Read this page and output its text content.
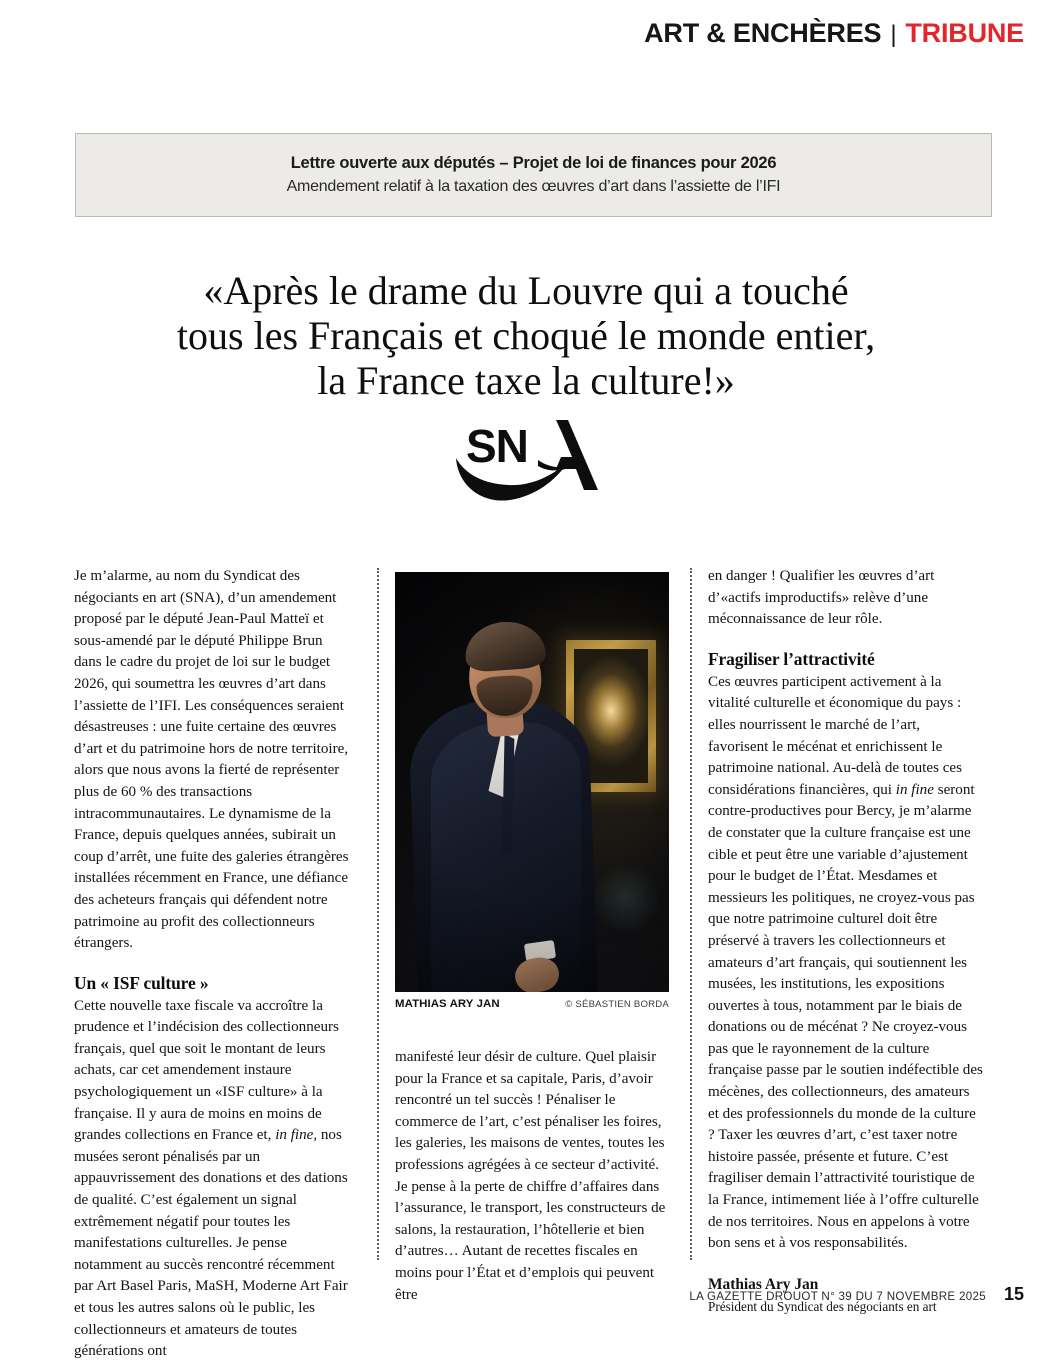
ART & ENCHÈRES | TRIBUNE
Lettre ouverte aux députés – Projet de loi de finances pour 2026
Amendement relatif à la taxation des œuvres d’art dans l’assiette de l’IFI
«Après le drame du Louvre qui a touché
tous les Français et choqué le monde entier,
la France taxe la culture!»
SN

Je m’alarme, au nom du Syndicat des négociants en art (SNA), d’un amendement proposé par le député Jean-Paul Matteï et sous-amendé par le député Philippe Brun dans le cadre du projet de loi sur le budget 2026, qui soumettra les œuvres d’art dans l’assiette de l’IFI. Les conséquences seraient désastreuses : une fuite certaine des œuvres d’art et du patrimoine hors de notre territoire, alors que nous avons la fierté de représenter plus de 60 % des transactions intracommunautaires. Le dynamisme de la France, depuis quelques années, subirait un coup d’arrêt, une fuite des galeries étrangères installées récemment en France, une défiance des acheteurs français qui défendent notre patrimoine au profit des collectionneurs étrangers.

Un « ISF culture »

Cette nouvelle taxe fiscale va accroître la prudence et l’indécision des collectionneurs français, quel que soit le montant de leurs achats, car cet amendement instaure psychologiquement un «ISF culture» à la française. Il y aura de moins en moins de grandes collections en France et, in fine, nos musées seront pénalisés par un appauvrissement des donations et des dations de qualité. C’est également un signal extrêmement négatif pour toutes les manifestations culturelles. Je pense notamment au succès rencontré récemment par Art Basel Paris, MaSH, Moderne Art Fair et tous les autres salons où le public, les collectionneurs et amateurs de toutes générations ont

MATHIAS ARY JAN	© SÉBASTIEN BORDA

manifesté leur désir de culture. Quel plaisir pour la France et sa capitale, Paris, d’avoir rencontré un tel succès ! Pénaliser le commerce de l’art, c’est pénaliser les foires, les galeries, les maisons de ventes, toutes les professions agrégées à ce secteur d’activité. Je pense à la perte de chiffre d’affaires dans l’assurance, le transport, les constructeurs de salons, la restauration, l’hôtellerie et bien d’autres… Autant de recettes fiscales en moins pour l’État et d’emplois qui peuvent être

en danger ! Qualifier les œuvres d’art d’«actifs improductifs» relève d’une méconnaissance de leur rôle.

Fragiliser l’attractivité

Ces œuvres participent activement à la vitalité culturelle et économique du pays : elles nourrissent le marché de l’art, favorisent le mécénat et enrichissent le patrimoine national. Au-delà de toutes ces considérations financières, qui in fine seront contre-productives pour Bercy, je m’alarme de constater que la culture française est une cible et peut être une variable d’ajustement pour le budget de l’État. Mesdames et messieurs les politiques, ne croyez-vous pas que notre patrimoine culturel doit être préservé à travers les collectionneurs et amateurs d’art français, qui soutiennent les musées, les institutions, les expositions ouvertes à tous, notamment par le biais de donations ou de mécénat ? Ne croyez-vous pas que le rayonnement de la culture française passe par le soutien indéfectible des mécènes, des collectionneurs, des amateurs et des professionnels du monde de la culture ? Taxer les œuvres d’art, c’est taxer notre histoire passée, présente et future. C’est fragiliser demain l’attractivité touristique de la France, intimement liée à l’offre culturelle de nos territoires. Nous en appelons à votre bon sens et à vos responsabilités.

Mathias Ary Jan
Président du Syndicat des négociants en art
LA GAZETTE DROUOT N° 39 DU 7 NOVEMBRE 2025 15
